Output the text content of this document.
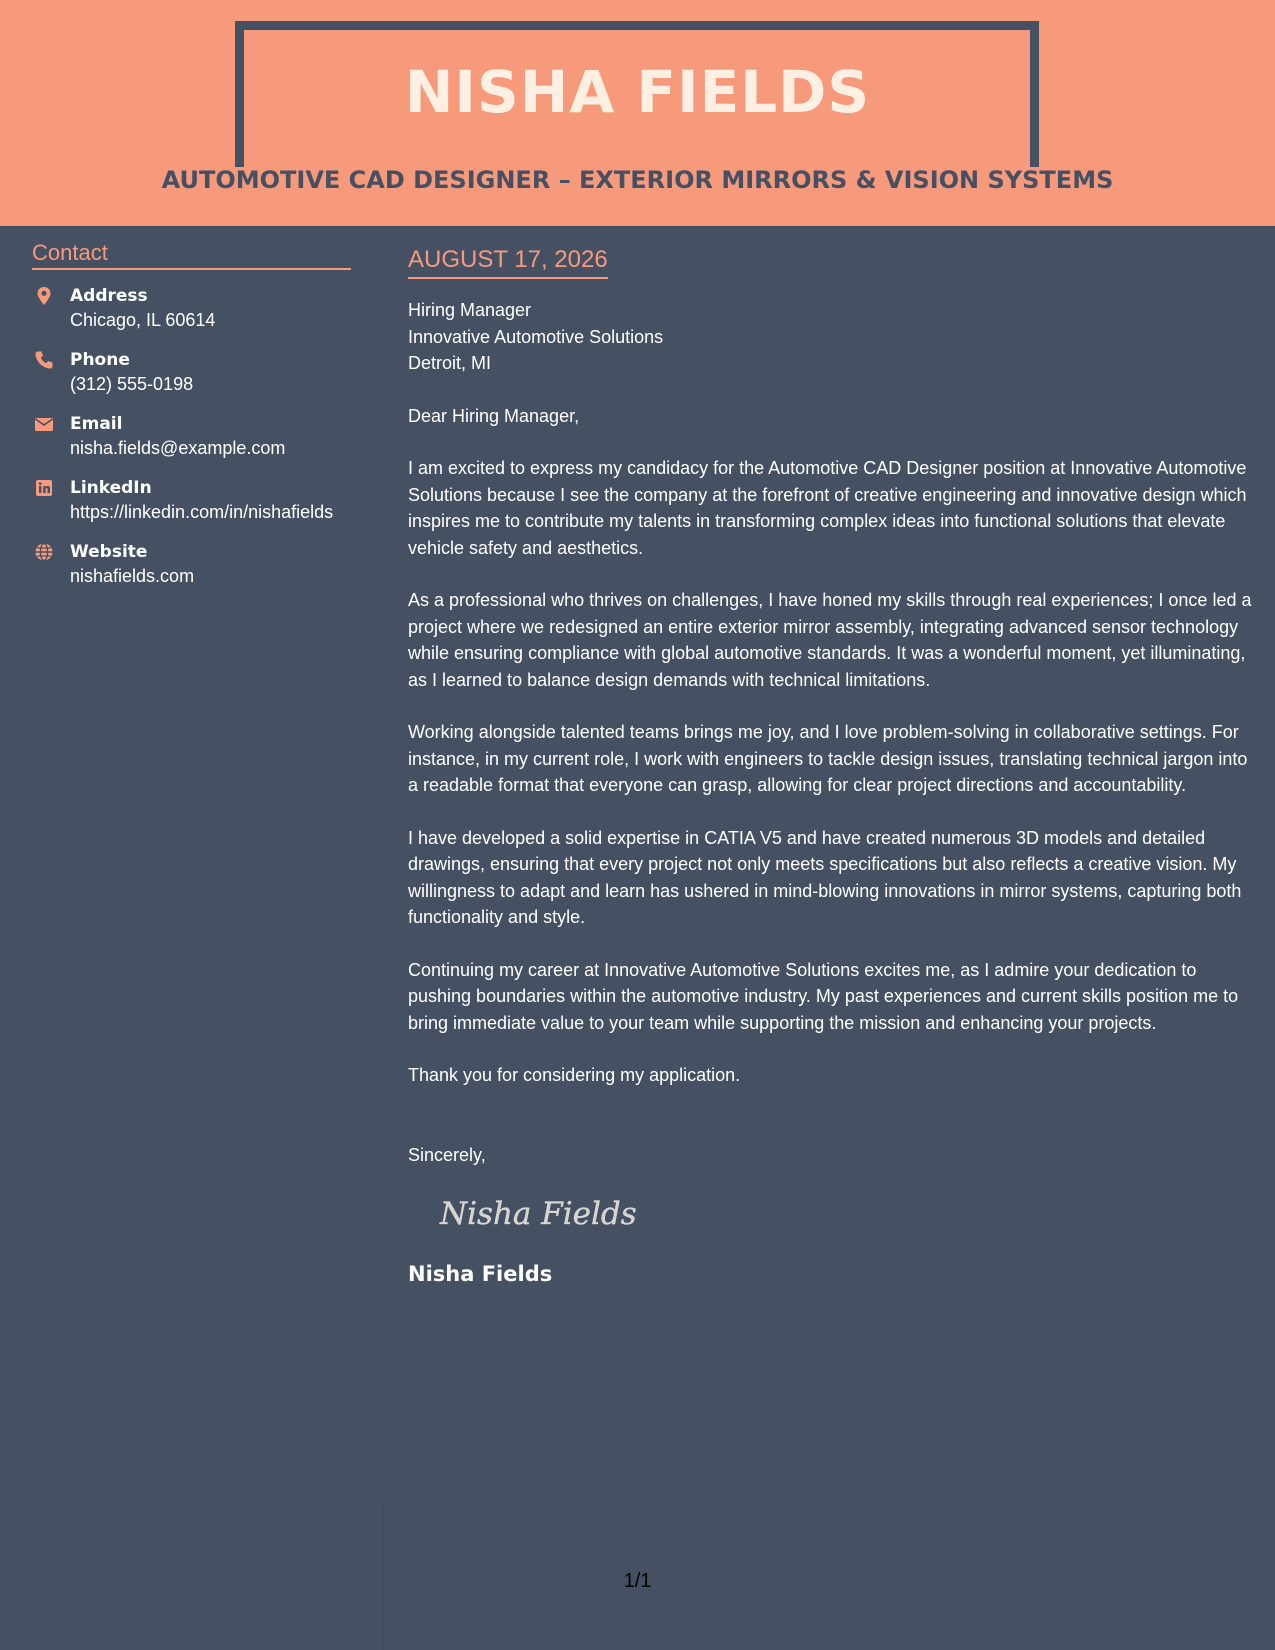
NISHA FIELDS
AUTOMOTIVE CAD DESIGNER – EXTERIOR MIRRORS & VISION SYSTEMS
Contact
Address
Chicago, IL 60614
Phone
(312) 555-0198
Email
nisha.fields@example.com
LinkedIn
https://linkedin.com/in/nishafields
Website
nishafields.com
AUGUST 17, 2026
Hiring Manager
Innovative Automotive Solutions
Detroit, MI

Dear Hiring Manager,

I am excited to express my candidacy for the Automotive CAD Designer position at Innovative Automotive Solutions because I see the company at the forefront of creative engineering and innovative design which inspires me to contribute my talents in transforming complex ideas into functional solutions that elevate vehicle safety and aesthetics.

As a professional who thrives on challenges, I have honed my skills through real experiences; I once led a project where we redesigned an entire exterior mirror assembly, integrating advanced sensor technology while ensuring compliance with global automotive standards. It was a wonderful moment, yet illuminating, as I learned to balance design demands with technical limitations.

Working alongside talented teams brings me joy, and I love problem-solving in collaborative settings. For instance, in my current role, I work with engineers to tackle design issues, translating technical jargon into a readable format that everyone can grasp, allowing for clear project directions and accountability.

I have developed a solid expertise in CATIA V5 and have created numerous 3D models and detailed drawings, ensuring that every project not only meets specifications but also reflects a creative vision. My willingness to adapt and learn has ushered in mind-blowing innovations in mirror systems, capturing both functionality and style.

Continuing my career at Innovative Automotive Solutions excites me, as I admire your dedication to pushing boundaries within the automotive industry. My past experiences and current skills position me to bring immediate value to your team while supporting the mission and enhancing your projects.

Thank you for considering my application.

Sincerely,

Nisha Fields

Nisha Fields

1/1
